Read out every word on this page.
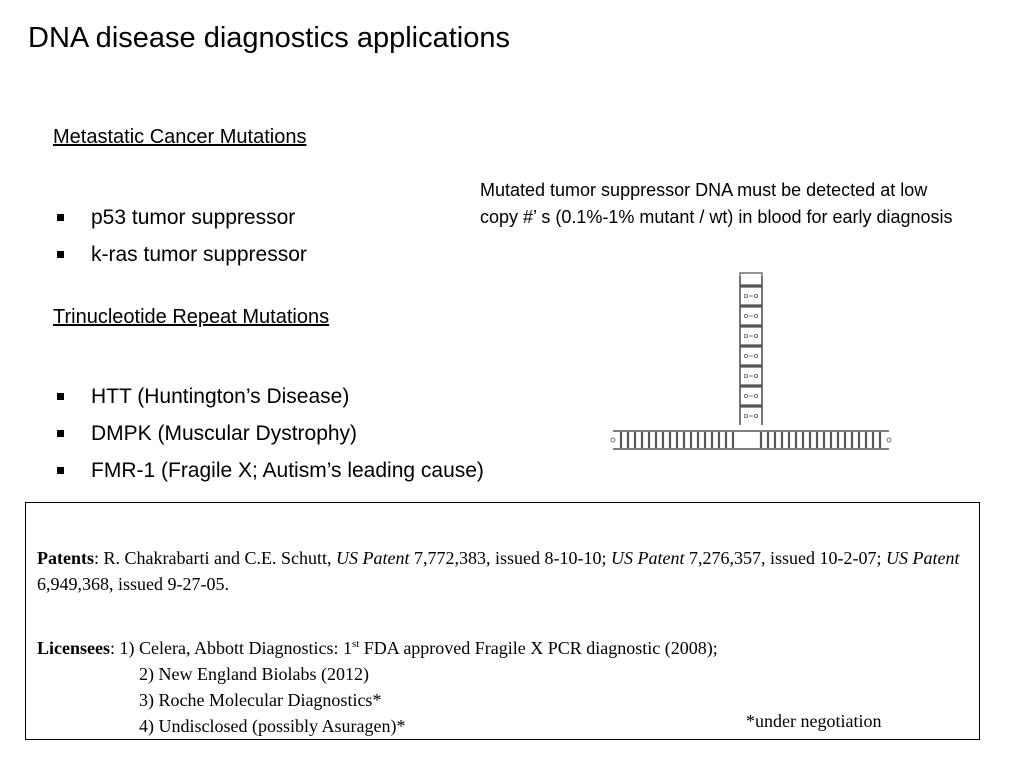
DNA disease diagnostics applications
Metastatic Cancer Mutations
p53 tumor suppressor
k-ras tumor suppressor
Trinucleotide Repeat Mutations
HTT (Huntington’s Disease)
DMPK (Muscular Dystrophy)
FMR-1 (Fragile X; Autism’s leading cause)
Mutated tumor suppressor DNA must be detected at low copy #’ s (0.1%-1% mutant / wt) in blood for early diagnosis
Patents: R. Chakrabarti and C.E. Schutt, US Patent 7,772,383, issued 8-10-10; US Patent 7,276,357, issued 10-2-07; US Patent 6,949,368, issued 9-27-05.
Licensees: 1) Celera, Abbott Diagnostics: 1st FDA approved Fragile X PCR diagnostic (2008);
2) New England Biolabs (2012)
3) Roche Molecular Diagnostics*
4) Undisclosed (possibly Asuragen)*	*under negotiation
